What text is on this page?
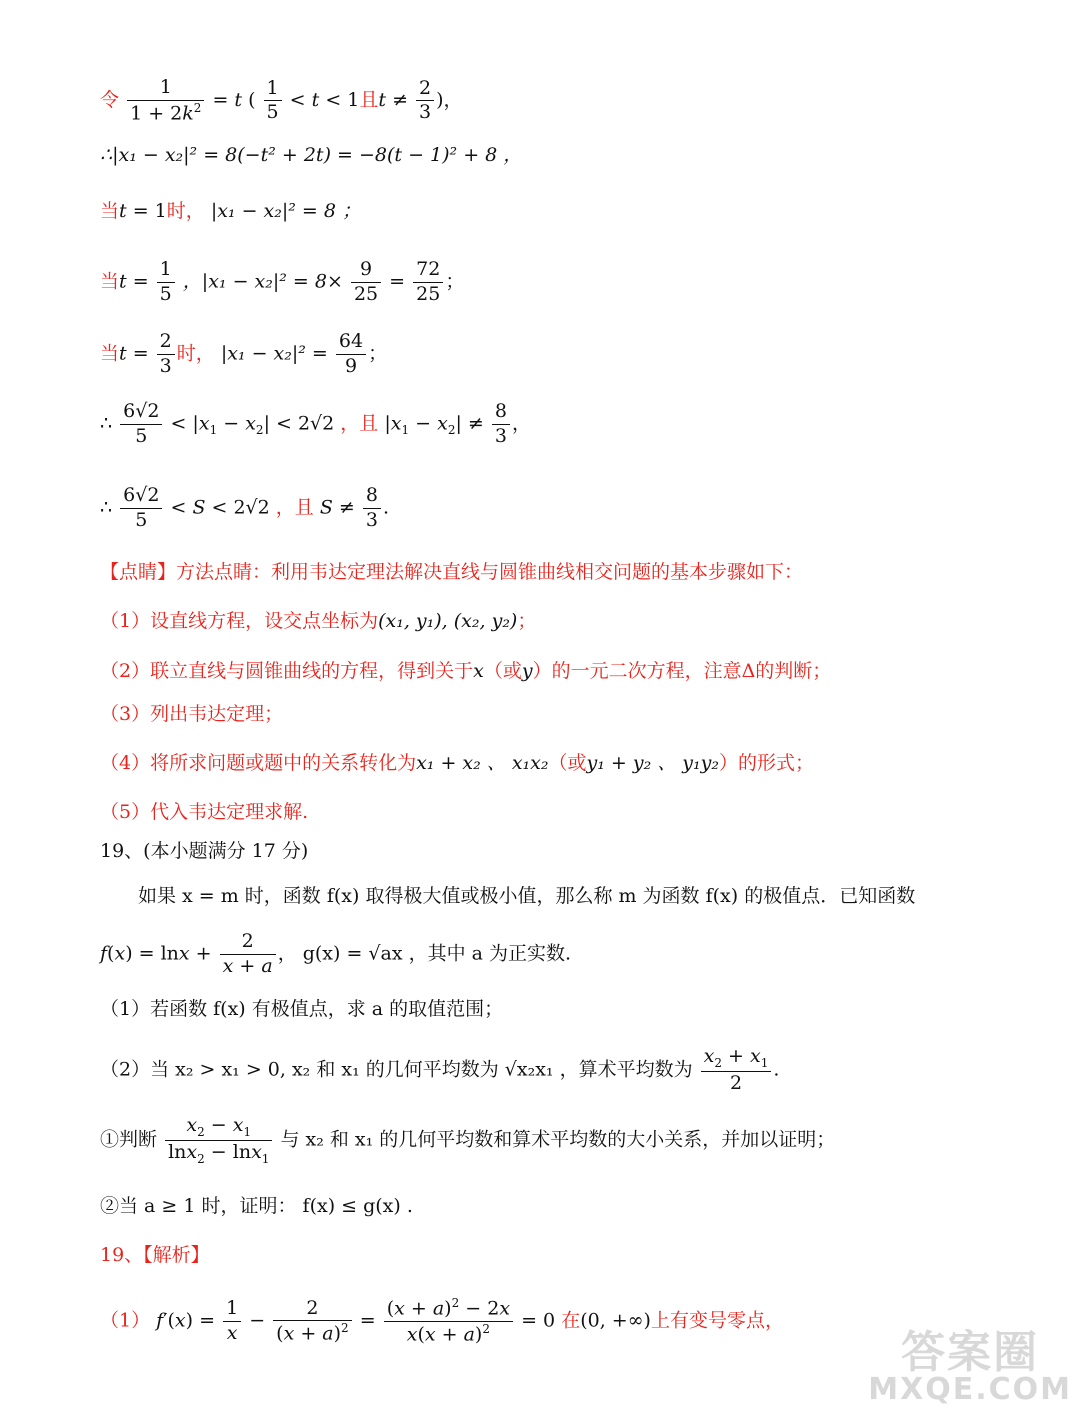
令 $\frac{1}{1 + 2k^2} = t$ ( $\frac{1}{5} < t < 1$且$t \ne \frac{2}{3}$ )，
∴|x₁ − x₂|² = 8(−t² + 2t) = −8(t − 1)² + 8 ，
当t = 1时， |x₁ − x₂|² = 8 ；
当$t = \frac{1}{5}$ ，$|x_1 - x_2|^2 = 8\times \frac{9}{25} = \frac{72}{25}$ ；
当$t = \frac{2}{3}$ 时， $|x_1 - x_2|^2 = \frac{64}{9}$ ；
∴ $\frac{6√2}{5} < |x_1 - x_2| < 2√2$ ，且 $|x_1 - x_2| \ne \frac{8}{3}$ ，
∴ $\frac{6√2}{5} < S < 2√2$ ，且 $S \ne \frac{8}{3}$ .
【点睛】方法点睛：利用韦达定理法解决直线与圆锥曲线相交问题的基本步骤如下：
（1）设直线方程，设交点坐标为(x₁, y₁), (x₂, y₂)；
（2）联立直线与圆锥曲线的方程，得到关于x（或y）的一元二次方程，注意Δ的判断；
（3）列出韦达定理；
（4）将所求问题或题中的关系转化为x₁ + x₂ 、 x₁x₂（或y₁ + y₂ 、 y₁y₂）的形式；
（5）代入韦达定理求解.
19、(本小题满分 17 分)
如果 x = m 时，函数 f(x) 取得极大值或极小值，那么称 m 为函数 f(x) 的极值点．已知函数
$f(x) = \ln x + \frac{2}{x + a}$ ， g(x) = √ax ，其中 a 为正实数.
（1）若函数 f(x) 有极值点，求 a 的取值范围；
（2）当 x₂ > x₁ > 0, x₂ 和 x₁ 的几何平均数为 √x₂x₁ ，算术平均数为 $\frac{x_2 + x_1}{2}$ .
①判断 $\frac{x_2 - x_1}{\ln x_2 - \ln x_1}$ 与 x₂ 和 x₁ 的几何平均数和算术平均数的大小关系，并加以证明；
②当 a ≥ 1 时，证明： f(x) ≤ g(x) .
19、【解析】
（1） $f'(x) = \frac{1}{x} - \frac{2}{(x + a)^2} = \frac{(x + a)^2 - 2x}{x(x + a)^2} = 0$ 在(0, +∞)上有变号零点，
答案圈
MXQE.COM
